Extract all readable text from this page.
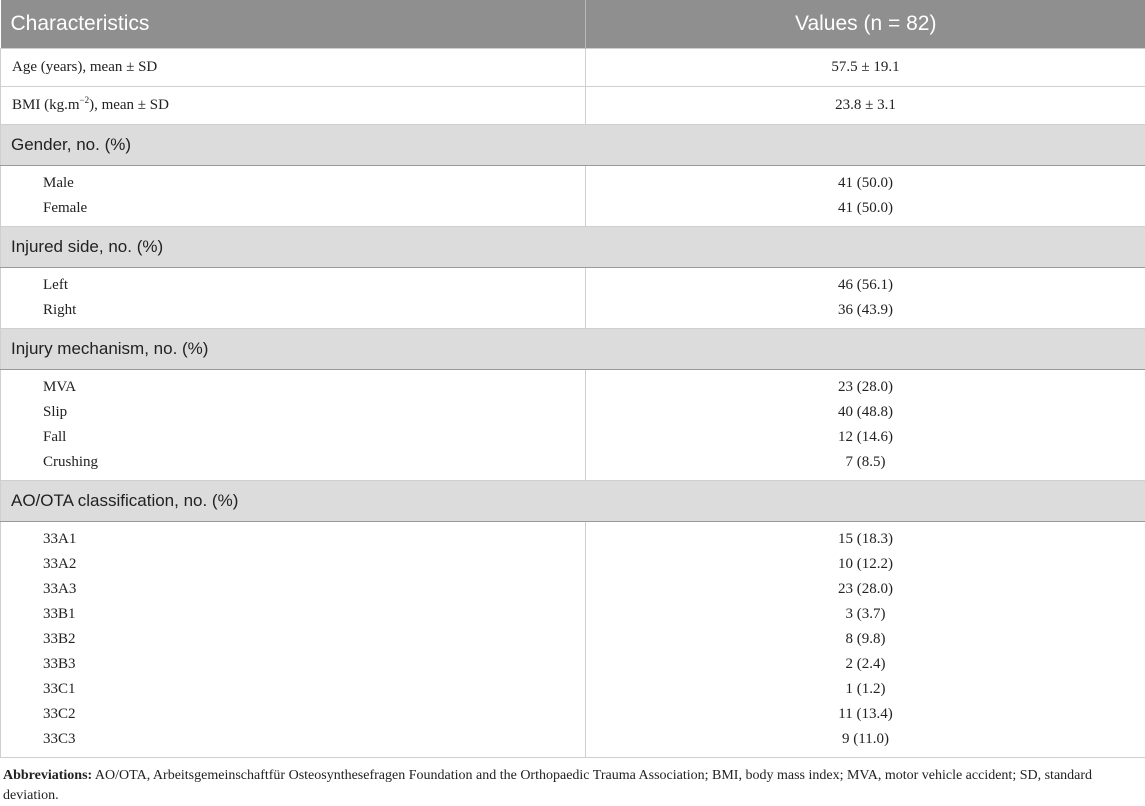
Characteristics	Values (n = 82)
Age (years), mean ± SD	57.5 ± 19.1
BMI $(kg.m^{-2})$, mean ± SD	23.8 ± 3.1
Gender, no. (%)	
Male	41 (50.0)
Female	41 (50.0)
Injured side, no. (%)	
Left	46 (56.1)
Right	36 (43.9)
Injury mechanism, no. (%)	
MVA	23 (28.0)
Slip	40 (48.8)
Fall	12 (14.6)
Crushing	7 (8.5)
AO/OTA classification, no. (%)	
33A1	15 (18.3)
33A2	10 (12.2)
33A3	23 (28.0)
33B1	3 (3.7)
33B2	8 (9.8)
33B3	2 (2.4)
33C1	1 (1.2)
33C2	11 (13.4)
33C3	9 (11.0)
Abbreviations: AO/OTA, Arbeitsgemeinschaftfür Osteosynthesefragen Foundation and the Orthopaedic Trauma Association; BMI, body mass index; MVA, motor vehicle accident; SD, standard deviation.
